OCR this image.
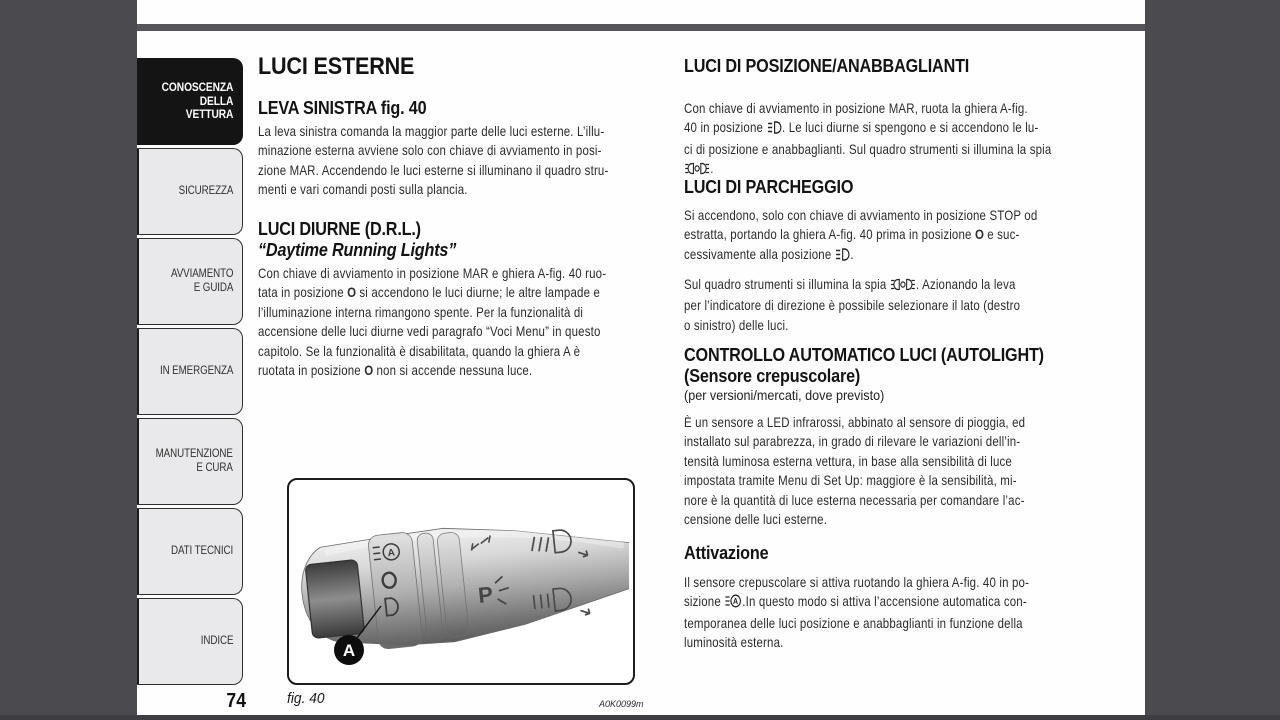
CONOSCENZA
DELLA
VETTURA
SICUREZZA
AVVIAMENTO
E GUIDA
IN EMERGENZA
MANUTENZIONE
E CURA
DATI TECNICI
INDICE
74
LUCI ESTERNE
LEVA SINISTRA fig. 40
La leva sinistra comanda la maggior parte delle luci esterne. L’illu-
minazione esterna avviene solo con chiave di avviamento in posi-
zione MAR. Accendendo le luci esterne si illuminano il quadro stru-
menti e vari comandi posti sulla plancia.
LUCI DIURNE (D.R.L.)
“Daytime Running Lights”
Con chiave di avviamento in posizione MAR e ghiera A-fig. 40 ruo-
tata in posizione O si accendono le luci diurne; le altre lampade e
l’illuminazione interna rimangono spente. Per la funzionalità di
accensione delle luci diurne vedi paragrafo “Voci Menu” in questo
capitolo. Se la funzionalità è disabilitata, quando la ghiera A è
ruotata in posizione O non si accende nessuna luce.
A
P
A
fig. 40	A0K0099m
LUCI DI POSIZIONE/ANABBAGLIANTI
Con chiave di avviamento in posizione MAR, ruota la ghiera A-fig.
40 in posizione . Le luci diurne si spengono e si accendono le lu-
ci di posizione e anabbaglianti. Sul quadro strumenti si illumina la spia
.
LUCI DI PARCHEGGIO
Si accendono, solo con chiave di avviamento in posizione STOP od
estratta, portando la ghiera A-fig. 40 prima in posizione O e suc-
cessivamente alla posizione .
Sul quadro strumenti si illumina la spia . Azionando la leva
per l’indicatore di direzione è possibile selezionare il lato (destro
o sinistro) delle luci.
CONTROLLO AUTOMATICO LUCI (AUTOLIGHT)
(Sensore crepuscolare)
(per versioni/mercati, dove previsto)
È un sensore a LED infrarossi, abbinato al sensore di pioggia, ed
installato sul parabrezza, in grado di rilevare le variazioni dell’in-
tensità luminosa esterna vettura, in base alla sensibilità di luce
impostata tramite Menu di Set Up: maggiore è la sensibilità, mi-
nore è la quantità di luce esterna necessaria per comandare l’ac-
censione delle luci esterne.
Attivazione
Il sensore crepuscolare si attiva ruotando la ghiera A-fig. 40 in po-
sizione A .In questo modo si attiva l’accensione automatica con-
temporanea delle luci posizione e anabbaglianti in funzione della
luminosità esterna.
